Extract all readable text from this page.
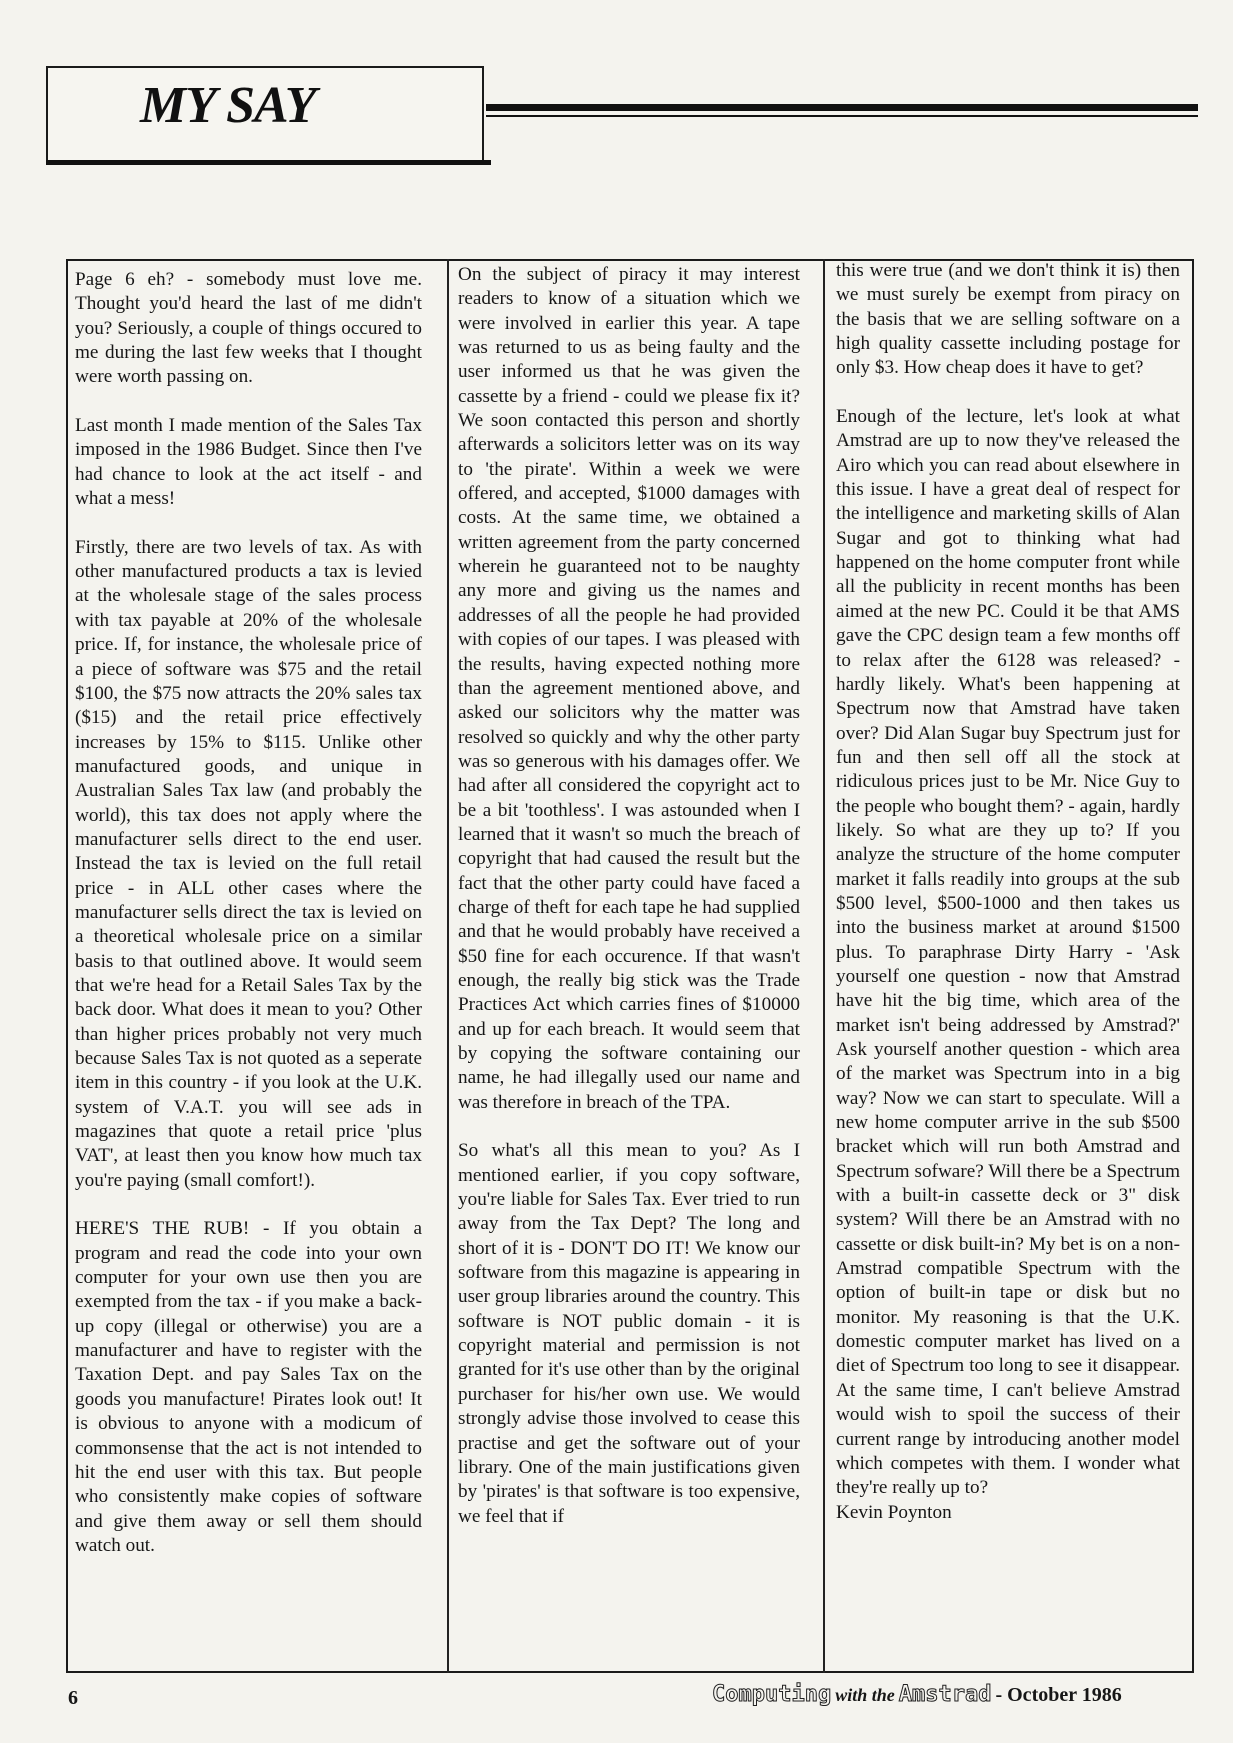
MY SAY

Page 6 eh? - somebody must love me. Thought you'd heard the last of me didn't you? Seriously, a couple of things occured to me during the last few weeks that I thought were worth passing on.

Last month I made mention of the Sales Tax imposed in the 1986 Budget. Since then I've had chance to look at the act itself - and what a mess!

Firstly, there are two levels of tax. As with other manufactured products a tax is levied at the wholesale stage of the sales process with tax payable at 20% of the wholesale price. If, for instance, the wholesale price of a piece of software was $75 and the retail $100, the $75 now attracts the 20% sales tax ($15) and the retail price effectively increases by 15% to $115. Unlike other manufactured goods, and unique in Australian Sales Tax law (and probably the world), this tax does not apply where the manufacturer sells direct to the end user. Instead the tax is levied on the full retail price - in ALL other cases where the manufacturer sells direct the tax is levied on a theoretical wholesale price on a similar basis to that outlined above. It would seem that we're head for a Retail Sales Tax by the back door. What does it mean to you? Other than higher prices probably not very much because Sales Tax is not quoted as a seperate item in this country - if you look at the U.K. system of V.A.T. you will see ads in magazines that quote a retail price 'plus VAT', at least then you know how much tax you're paying (small comfort!).

HERE'S THE RUB! - If you obtain a program and read the code into your own computer for your own use then you are exempted from the tax - if you make a back-up copy (illegal or otherwise) you are a manufacturer and have to register with the Taxation Dept. and pay Sales Tax on the goods you manufacture! Pirates look out! It is obvious to anyone with a modicum of commonsense that the act is not intended to hit the end user with this tax. But people who consistently make copies of software and give them away or sell them should watch out.

On the subject of piracy it may interest readers to know of a situation which we were involved in earlier this year. A tape was returned to us as being faulty and the user informed us that he was given the cassette by a friend - could we please fix it? We soon contacted this person and shortly afterwards a solicitors letter was on its way to 'the pirate'. Within a week we were offered, and accepted, $1000 damages with costs. At the same time, we obtained a written agreement from the party concerned wherein he guaranteed not to be naughty any more and giving us the names and addresses of all the people he had provided with copies of our tapes. I was pleased with the results, having expected nothing more than the agreement mentioned above, and asked our solicitors why the matter was resolved so quickly and why the other party was so generous with his damages offer. We had after all considered the copyright act to be a bit 'toothless'. I was astounded when I learned that it wasn't so much the breach of copyright that had caused the result but the fact that the other party could have faced a charge of theft for each tape he had supplied and that he would probably have received a $50 fine for each occurence. If that wasn't enough, the really big stick was the Trade Practices Act which carries fines of $10000 and up for each breach. It would seem that by copying the software containing our name, he had illegally used our name and was therefore in breach of the TPA.

So what's all this mean to you? As I mentioned earlier, if you copy software, you're liable for Sales Tax. Ever tried to run away from the Tax Dept? The long and short of it is - DON'T DO IT! We know our software from this magazine is appearing in user group libraries around the country. This software is NOT public domain - it is copyright material and permission is not granted for it's use other than by the original purchaser for his/her own use. We would strongly advise those involved to cease this practise and get the software out of your library. One of the main justifications given by 'pirates' is that software is too expensive, we feel that if

this were true (and we don't think it is) then we must surely be exempt from piracy on the basis that we are selling software on a high quality cassette including postage for only $3. How cheap does it have to get?

Enough of the lecture, let's look at what Amstrad are up to now they've released the Airo which you can read about elsewhere in this issue. I have a great deal of respect for the intelligence and marketing skills of Alan Sugar and got to thinking what had happened on the home computer front while all the publicity in recent months has been aimed at the new PC. Could it be that AMS gave the CPC design team a few months off to relax after the 6128 was released? - hardly likely. What's been happening at Spectrum now that Amstrad have taken over? Did Alan Sugar buy Spectrum just for fun and then sell off all the stock at ridiculous prices just to be Mr. Nice Guy to the people who bought them? - again, hardly likely. So what are they up to? If you analyze the structure of the home computer market it falls readily into groups at the sub $500 level, $500-1000 and then takes us into the business market at around $1500 plus. To paraphrase Dirty Harry - 'Ask yourself one question - now that Amstrad have hit the big time, which area of the market isn't being addressed by Amstrad?' Ask yourself another question - which area of the market was Spectrum into in a big way? Now we can start to speculate. Will a new home computer arrive in the sub $500 bracket which will run both Amstrad and Spectrum sofware? Will there be a Spectrum with a built-in cassette deck or 3" disk system? Will there be an Amstrad with no cassette or disk built-in? My bet is on a non-Amstrad compatible Spectrum with the option of built-in tape or disk but no monitor. My reasoning is that the U.K. domestic computer market has lived on a diet of Spectrum too long to see it disappear. At the same time, I can't believe Amstrad would wish to spoil the success of their current range by introducing another model which competes with them. I wonder what they're really up to?

Kevin Poynton
6	Computing with the Amstrad - October 1986
